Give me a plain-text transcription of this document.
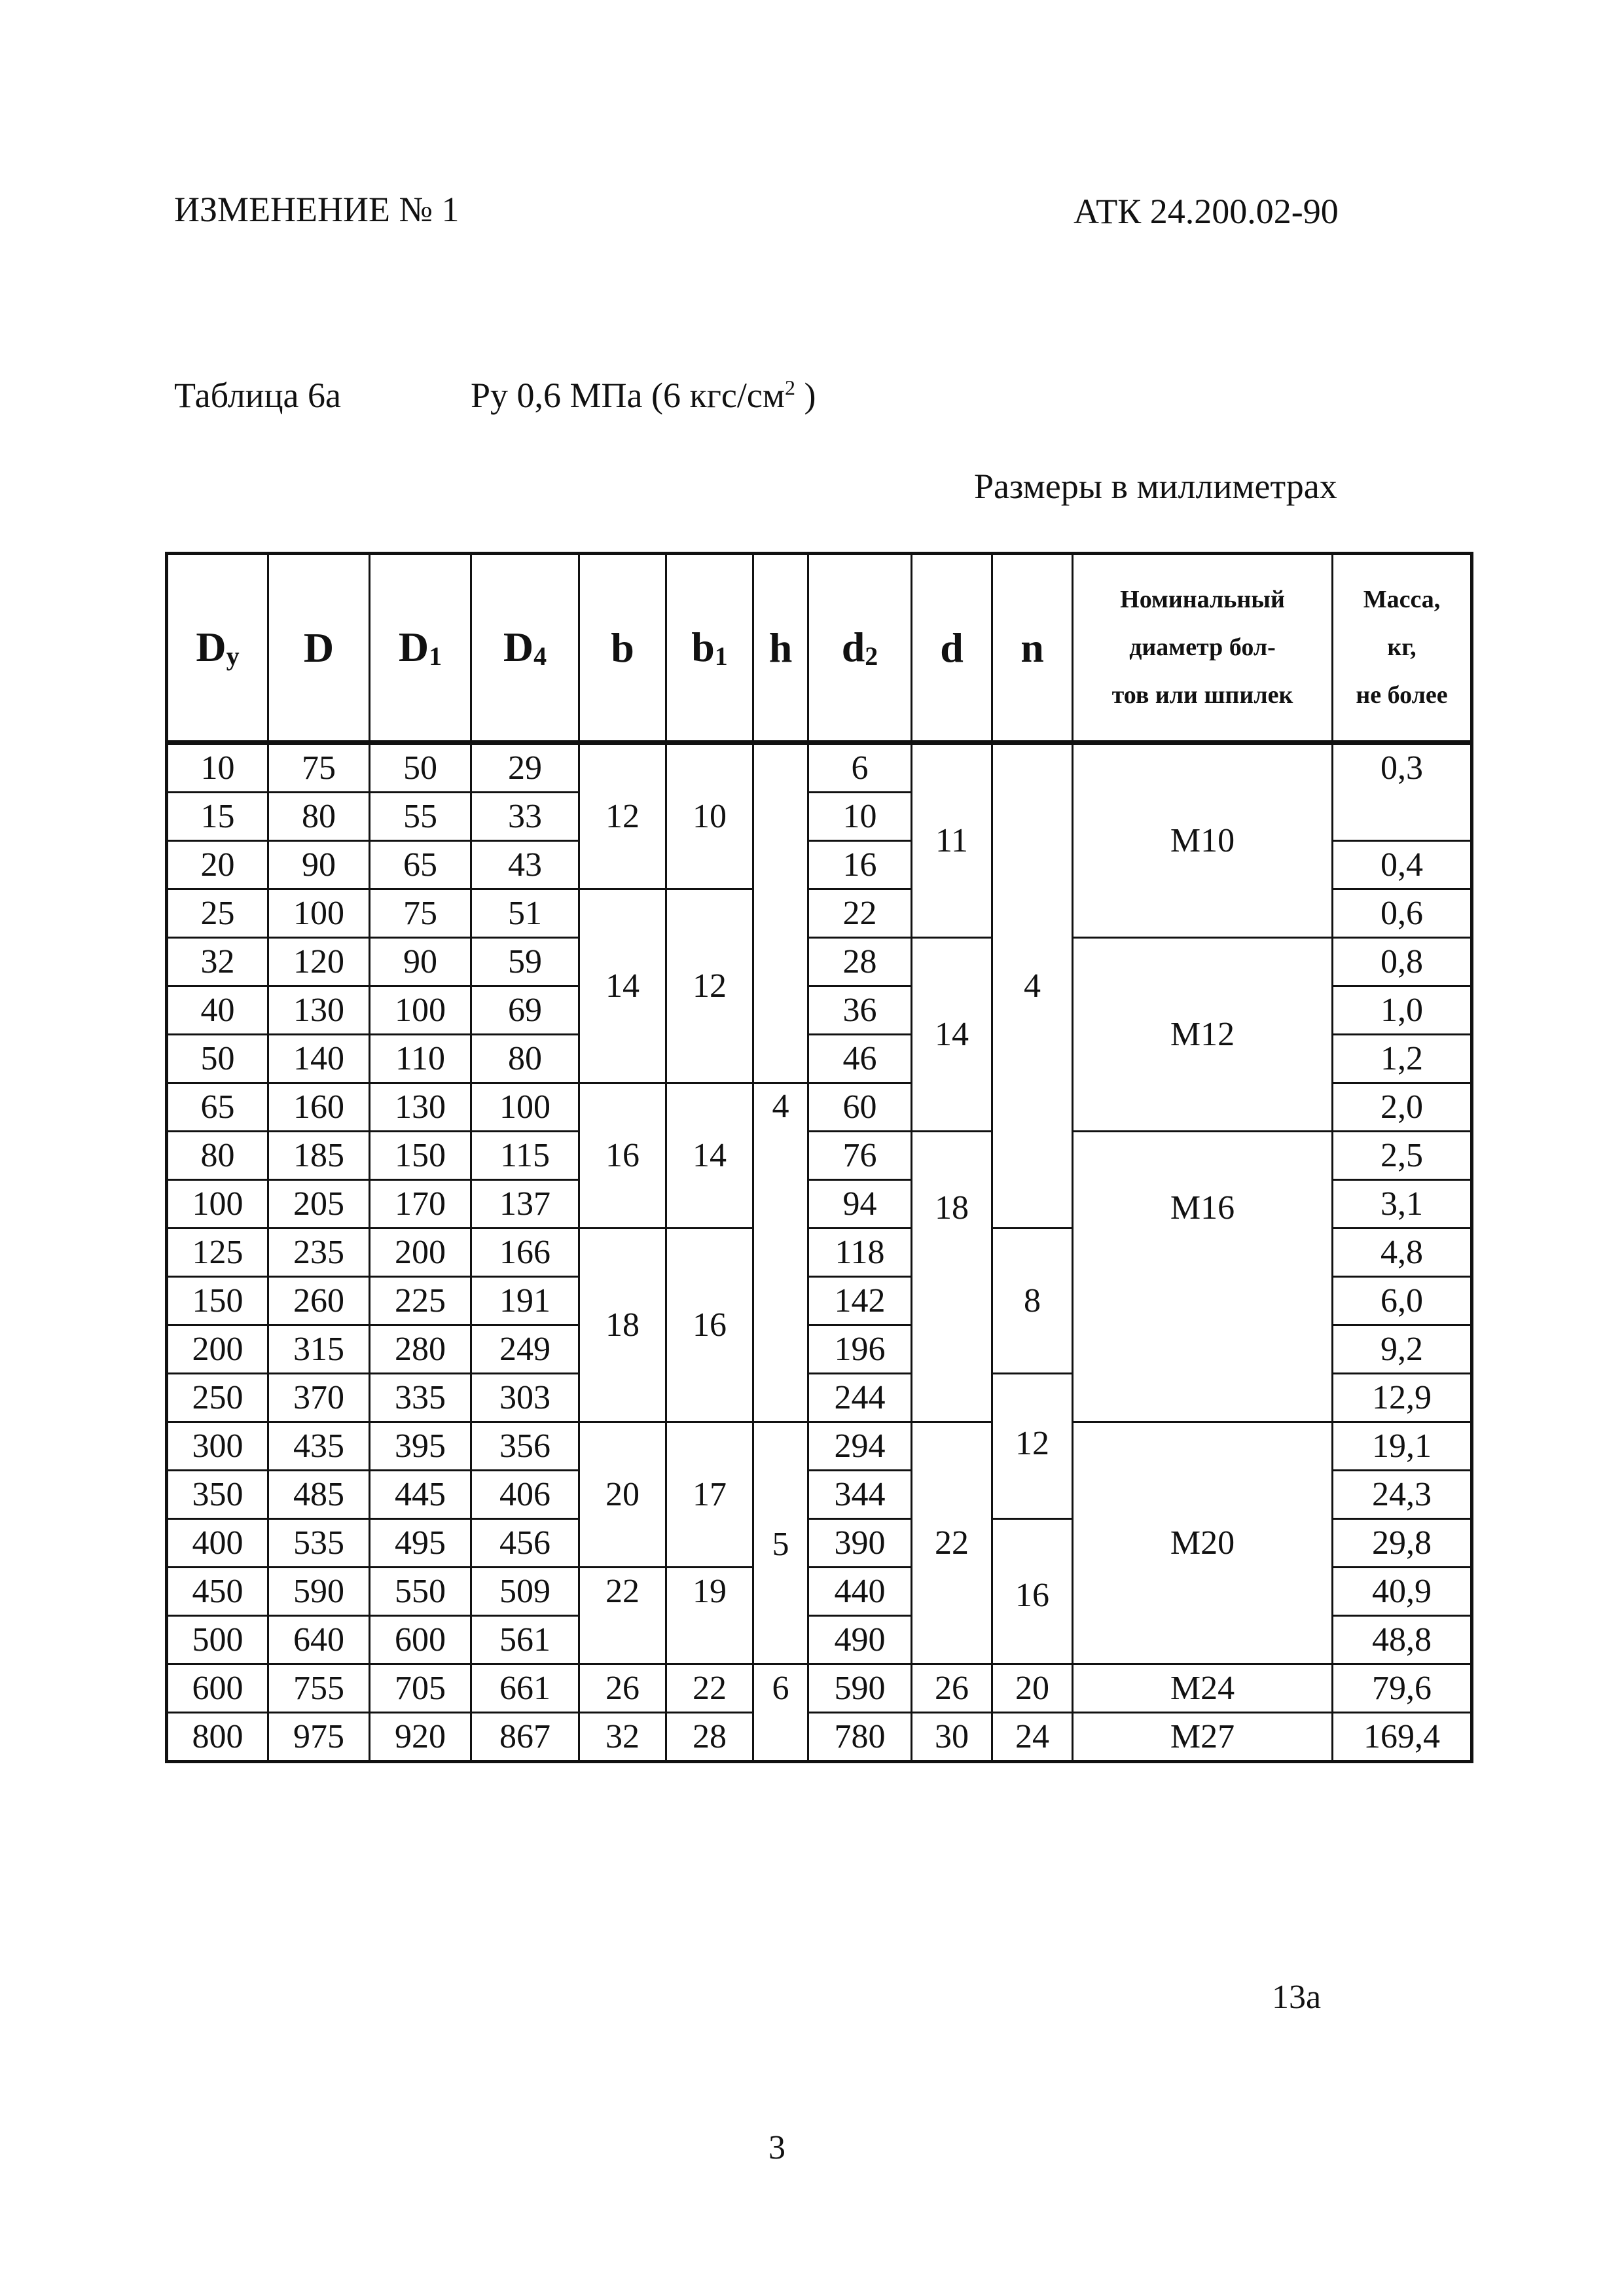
ИЗМЕНЕНИЕ № 1	АТК 24.200.02-90
Таблица 6а	Ру 0,6 МПа (6 кгс/$см^2$ )
Размеры в миллиметрах
$D_y$	D	$D_1$	$D_4$	b	$b_1$	h	$d_2$	d	n	Номинальный
диаметр бол-
тов или шпилек	Масса,
кг,
не более
10	75	50	29	12	10		6	11	4	М10	0,3
15	80	55	33				10				
20	90	65	43				16				0,4
25	100	75	51	14	12		22				0,6
32	120	90	59				28	14		М12	0,8
40	130	100	69				36				1,0
50	140	110	80				46				1,2
65	160	130	100	16	14	4	60				2,0
80	185	150	115				76	18		М16	2,5
100	205	170	137				94				3,1
125	235	200	166	18	16		118		8		4,8
150	260	225	191				142				6,0
200	315	280	249				196				9,2
250	370	335	303				244		12		12,9
300	435	395	356	20	17	5	294	22		М20	19,1
350	485	445	406				344				24,3
400	535	495	456				390		16		29,8
450	590	550	509	22	19		440				40,9
500	640	600	561				490				48,8
600	755	705	661	26	22	6	590	26	20	М24	79,6
800	975	920	867	32	28		780	30	24	М27	169,4
13а
3
